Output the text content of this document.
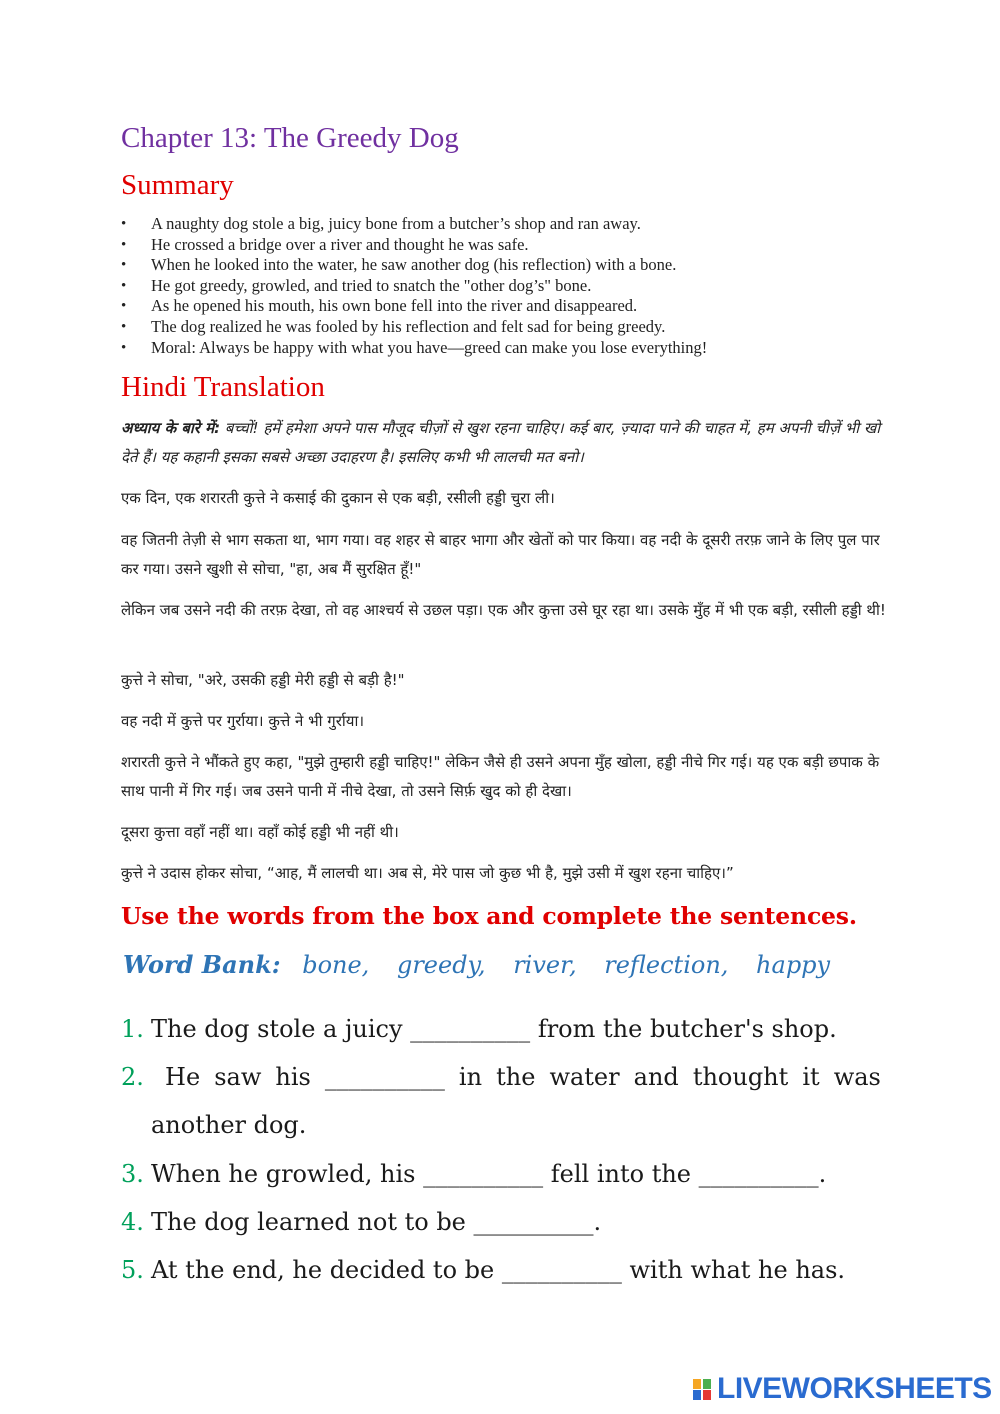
Chapter 13: The Greedy Dog
Summary
• A naughty dog stole a big, juicy bone from a butcher’s shop and ran away.
• He crossed a bridge over a river and thought he was safe.
• When he looked into the water, he saw another dog (his reflection) with a bone.
• He got greedy, growled, and tried to snatch the "other dog’s" bone.
• As he opened his mouth, his own bone fell into the river and disappeared.
• The dog realized he was fooled by his reflection and felt sad for being greedy.
• Moral: Always be happy with what you have—greed can make you lose everything!
Hindi Translation

अध्याय के बारे में: बच्चों! हमें हमेशा अपने पास मौजूद चीज़ों से खुश रहना चाहिए। कई बार, ज़्यादा पाने की चाहत में, हम अपनी चीज़ें भी खो देते हैं। यह कहानी इसका सबसे अच्छा उदाहरण है। इसलिए कभी भी लालची मत बनो।

एक दिन, एक शरारती कुत्ते ने कसाई की दुकान से एक बड़ी, रसीली हड्डी चुरा ली।

वह जितनी तेज़ी से भाग सकता था, भाग गया। वह शहर से बाहर भागा और खेतों को पार किया। वह नदी के दूसरी तरफ़ जाने के लिए पुल पार कर गया। उसने खुशी से सोचा, "हा, अब मैं सुरक्षित हूँ!"

लेकिन जब उसने नदी की तरफ़ देखा, तो वह आश्चर्य से उछल पड़ा। एक और कुत्ता उसे घूर रहा था। उसके मुँह में भी एक बड़ी, रसीली हड्डी थी!

कुत्ते ने सोचा, "अरे, उसकी हड्डी मेरी हड्डी से बड़ी है!"

वह नदी में कुत्ते पर गुर्राया। कुत्ते ने भी गुर्राया।

शरारती कुत्ते ने भौंकते हुए कहा, "मुझे तुम्हारी हड्डी चाहिए!" लेकिन जैसे ही उसने अपना मुँह खोला, हड्डी नीचे गिर गई। यह एक बड़ी छपाक के साथ पानी में गिर गई। जब उसने पानी में नीचे देखा, तो उसने सिर्फ़ खुद को ही देखा।

दूसरा कुत्ता वहाँ नहीं था। वहाँ कोई हड्डी भी नहीं थी।

कुत्ते ने उदास होकर सोचा, “आह, मैं लालची था। अब से, मेरे पास जो कुछ भी है, मुझे उसी में खुश रहना चाहिए।”

Use the words from the box and complete the sentences.

Word Bank: bone, greedy, river, reflection, happy

1. The dog stole a juicy __________ from the butcher's shop.
2. He saw his __________ in the water and thought it was
another dog.
3. When he growled, his __________ fell into the __________.
4. The dog learned not to be __________.
5. At the end, he decided to be __________ with what he has.
LIVEWORKSHEETS
